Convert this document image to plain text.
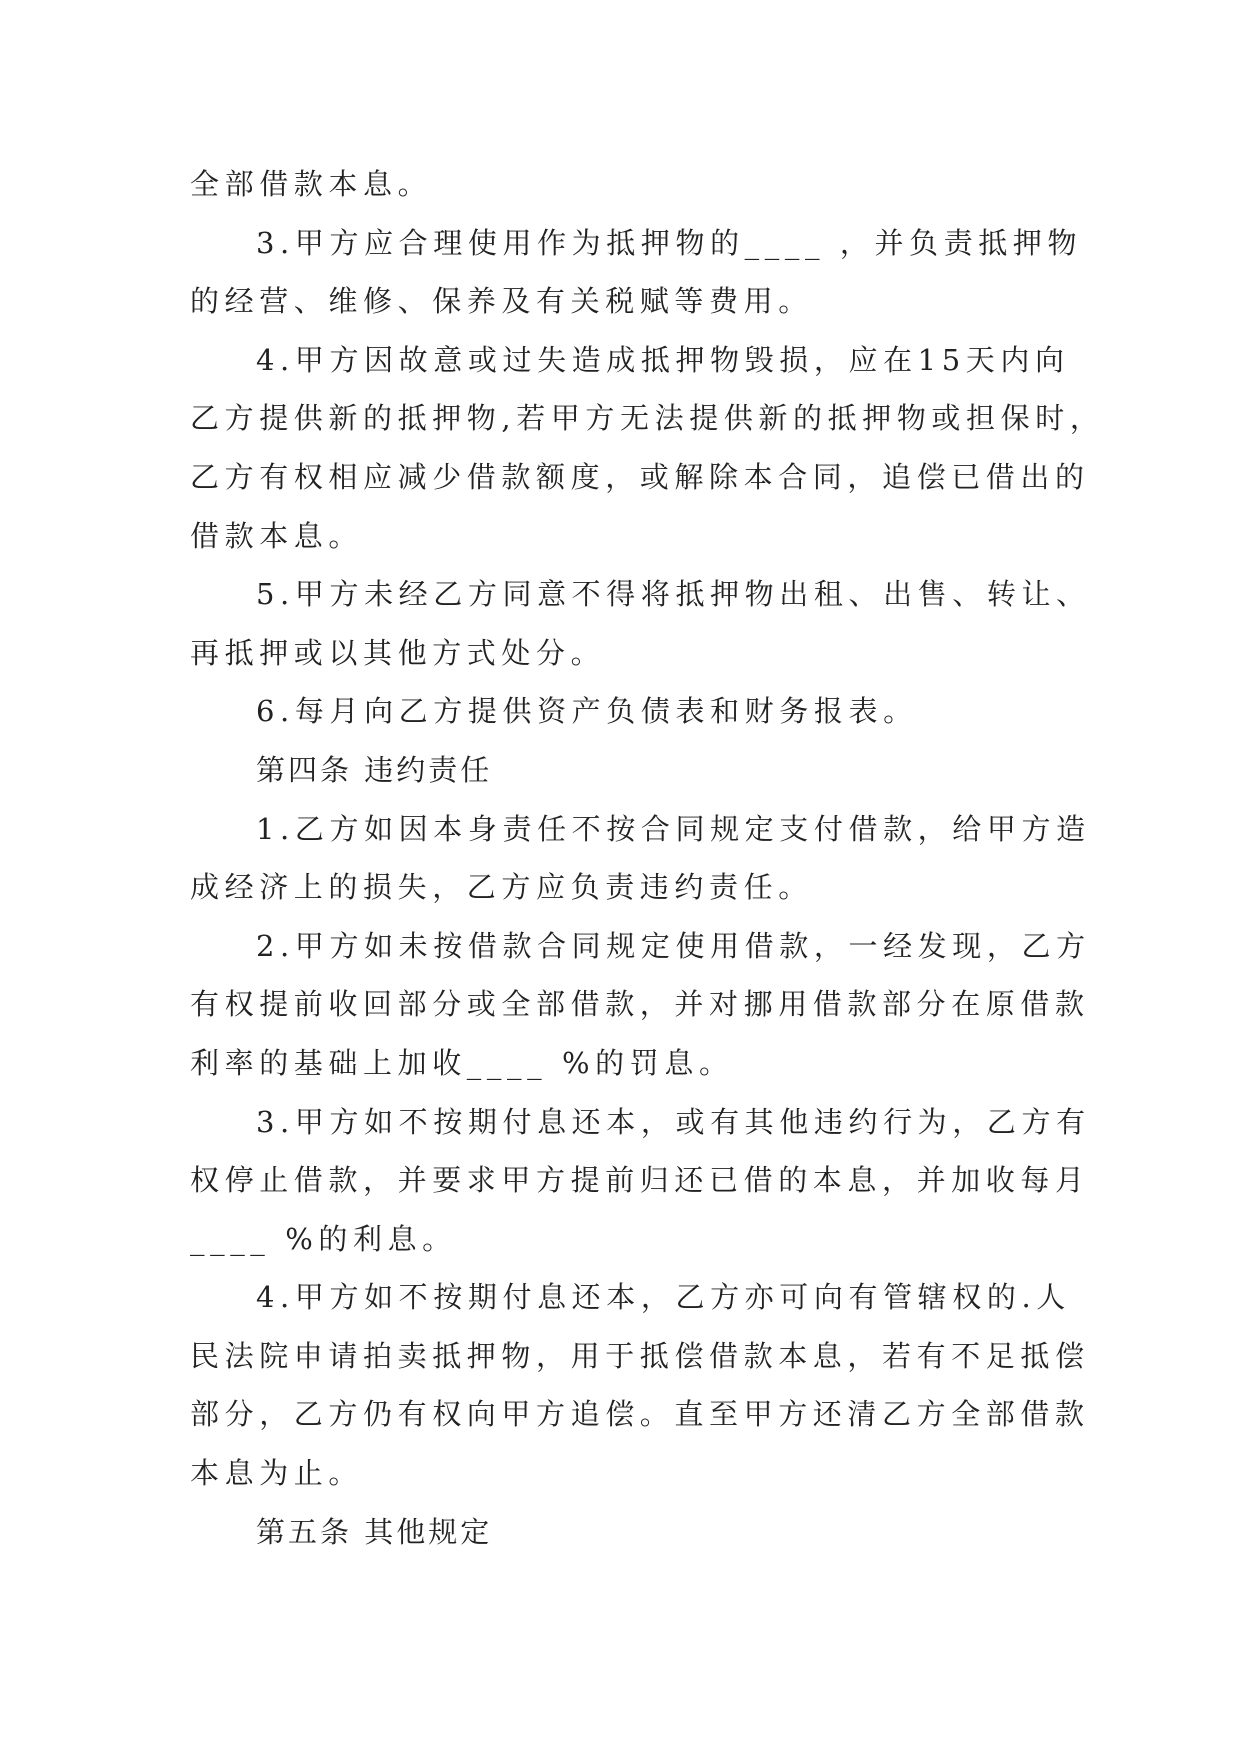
全部借款本息。
3.甲方应合理使用作为抵押物的____ ，并负责抵押物
的经营、维修、保养及有关税赋等费用。
4.甲方因故意或过失造成抵押物毁损，应在15天内向
乙方提供新的抵押物,若甲方无法提供新的抵押物或担保时，
乙方有权相应减少借款额度，或解除本合同，追偿已借出的
借款本息。
5.甲方未经乙方同意不得将抵押物出租、出售、转让、
再抵押或以其他方式处分。
6.每月向乙方提供资产负债表和财务报表。
第四条 违约责任
1.乙方如因本身责任不按合同规定支付借款，给甲方造
成经济上的损失，乙方应负责违约责任。
2.甲方如未按借款合同规定使用借款，一经发现，乙方
有权提前收回部分或全部借款，并对挪用借款部分在原借款
利率的基础上加收____ %的罚息。
3.甲方如不按期付息还本，或有其他违约行为，乙方有
权停止借款，并要求甲方提前归还已借的本息，并加收每月
____ %的利息。
4.甲方如不按期付息还本，乙方亦可向有管辖权的.人
民法院申请拍卖抵押物，用于抵偿借款本息，若有不足抵偿
部分，乙方仍有权向甲方追偿。直至甲方还清乙方全部借款
本息为止。
第五条 其他规定
